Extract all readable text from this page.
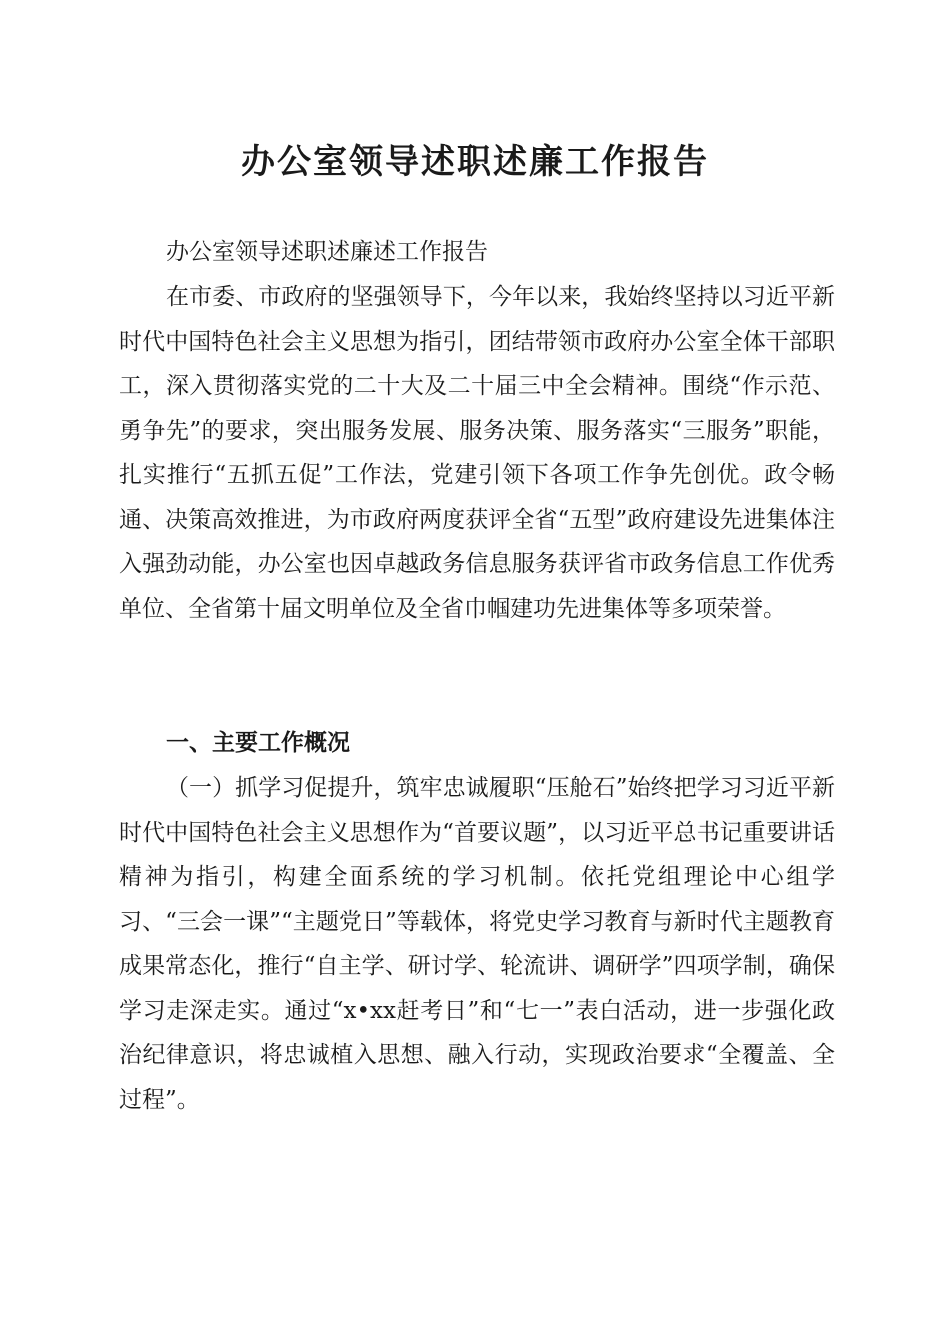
办公室领导述职述廉工作报告

办公室领导述职述廉述工作报告

在市委、市政府的坚强领导下，今年以来，我始终坚持以习近平新时代中国特色社会主义思想为指引，团结带领市政府办公室全体干部职工，深入贯彻落实党的二十大及二十届三中全会精神。围绕“作示范、勇争先”的要求，突出服务发展、服务决策、服务落实“三服务”职能，扎实推行“五抓五促”工作法，党建引领下各项工作争先创优。政令畅通、决策高效推进，为市政府两度获评全省“五型”政府建设先进集体注入强劲动能，办公室也因卓越政务信息服务获评省市政务信息工作优秀单位、全省第十届文明单位及全省巾帼建功先进集体等多项荣誉。

一、主要工作概况

（一）抓学习促提升，筑牢忠诚履职“压舱石”始终把学习习近平新时代中国特色社会主义思想作为“首要议题”，以习近平总书记重要讲话精神为指引，构建全面系统的学习机制。依托党组理论中心组学习、“三会一课”“主题党日”等载体，将党史学习教育与新时代主题教育成果常态化，推行“自主学、研讨学、轮流讲、调研学”四项学制，确保学习走深走实。通过“x•xx赶考日”和“七一”表白活动，进一步强化政治纪律意识，将忠诚植入思想、融入行动，实现政治要求“全覆盖、全过程”。
